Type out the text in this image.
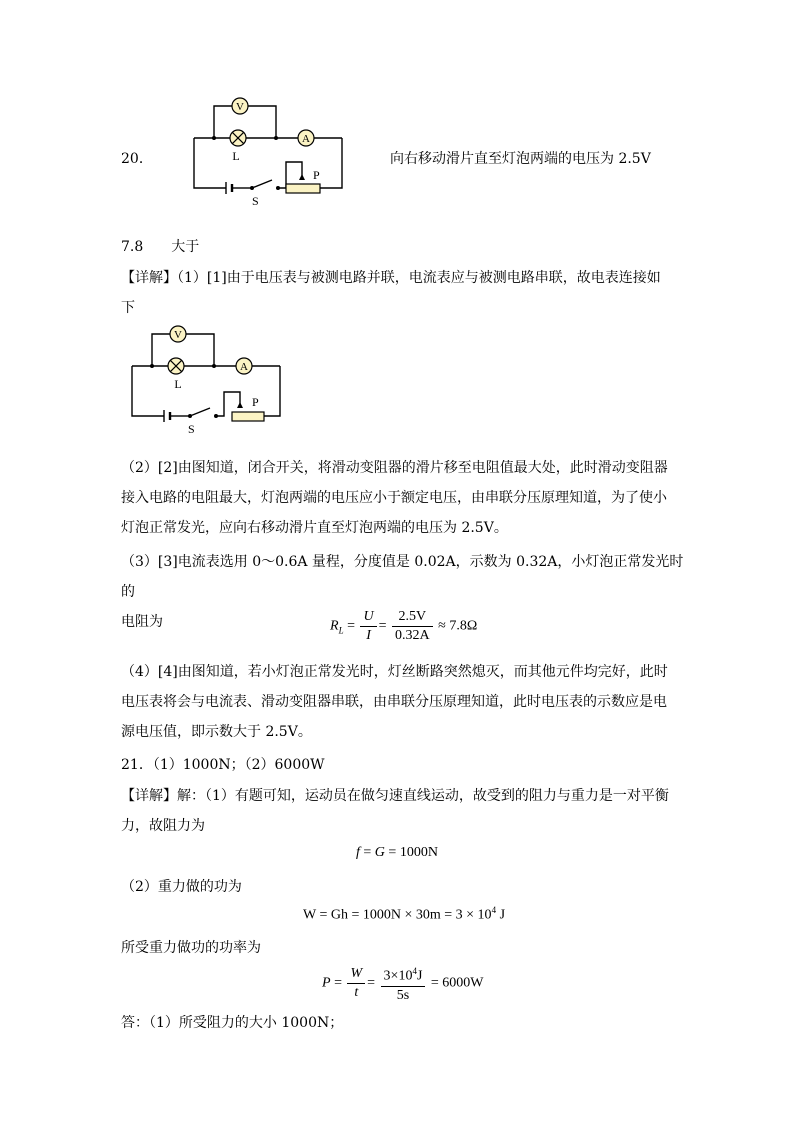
20．
V
L
A
P
S
向右移动滑片直至灯泡两端的电压为 2.5V
7.8　　大于
【详解】（1）[1]由于电压表与被测电路并联，电流表应与被测电路串联，故电表连接如
下
V
L
A
P
S
（2）[2]由图知道，闭合开关，将滑动变阻器的滑片移至电阻值最大处，此时滑动变阻器
接入电路的电阻最大，灯泡两端的电压应小于额定电压，由串联分压原理知道，为了使小
灯泡正常发光，应向右移动滑片直至灯泡两端的电压为 2.5V。
（3）[3]电流表选用 0～0.6A 量程，分度值是 0.02A，示数为 0.32A，小灯泡正常发光时的
电阻为	$R_L = \frac{U}{I} = \frac{2.5V}{0.32A} \approx 7.8\Omega$
（4）[4]由图知道，若小灯泡正常发光时，灯丝断路突然熄灭，而其他元件均完好，此时
电压表将会与电流表、滑动变阻器串联，由串联分压原理知道，此时电压表的示数应是电
源电压值，即示数大于 2.5V。
21．（1）1000N；（2）6000W
【详解】解：（1）有题可知，运动员在做匀速直线运动，故受到的阻力与重力是一对平衡
力，故阻力为
f = G = 1000N
（2）重力做的功为
$W = Gh = 1000N \times 30m = 3 \times 10^4$ J
所受重力做功的功率为
$P = \frac{W}{t} = \frac{3\times 10^4J}{5s} = 6000W$
答：（1）所受阻力的大小 1000N；
